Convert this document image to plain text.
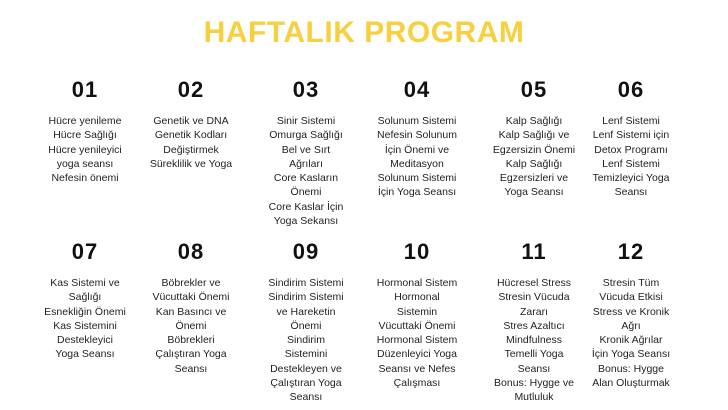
HAFTALIK PROGRAM
01
Hücre yenileme
Hücre Sağlığı
Hücre yenileyici
yoga seansı
Nefesin önemi
02
Genetik ve DNA
Genetik Kodları
Değiştirmek
Süreklilik ve Yoga
03
Sinir Sistemi
Omurga Sağlığı
Bel ve Sırt
Ağrıları
Core Kasların
Önemi
Core Kaslar İçin
Yoga Sekansı
04
Solunum Sistemi
Nefesin Solunum
İçin Önemi ve
Meditasyon
Solunum Sistemi
İçin Yoga Seansı
05
Kalp Sağlığı
Kalp Sağlığı ve
Egzersizin Önemi
Kalp Sağlığı
Egzersizleri ve
Yoga Seansı
06
Lenf Sistemi
Lenf Sistemi için
Detox Programı
Lenf Sistemi
Temizleyici Yoga
Seansı
07
Kas Sistemi ve
Sağlığı
Esnekliğin Önemi
Kas Sistemini
Destekleyici
Yoga Seansı
08
Böbrekler ve
Vücuttaki Önemi
Kan Basıncı ve
Önemi
Böbrekleri
Çalıştıran Yoga
Seansı
09
Sindirim Sistemi
Sindirim Sistemi
ve Hareketin
Önemi
Sindirim
Sistemini
Destekleyen ve
Çalıştıran Yoga
Seansı
10
Hormonal Sistem
Hormonal
Sistemin
Vücuttaki Önemi
Hormonal Sistem
Düzenleyici Yoga
Seansı ve Nefes
Çalışması
11
Hücresel Stress
Stresin Vücuda
Zararı
Stres Azaltıcı
Mindfulness
Temelli Yoga
Seansı
Bonus: Hygge ve
Mutluluk
12
Stresin Tüm
Vücuda Etkisi
Stress ve Kronik
Ağrı
Kronik Ağrılar
İçin Yoga Seansı
Bonus: Hygge
Alan Oluşturmak
